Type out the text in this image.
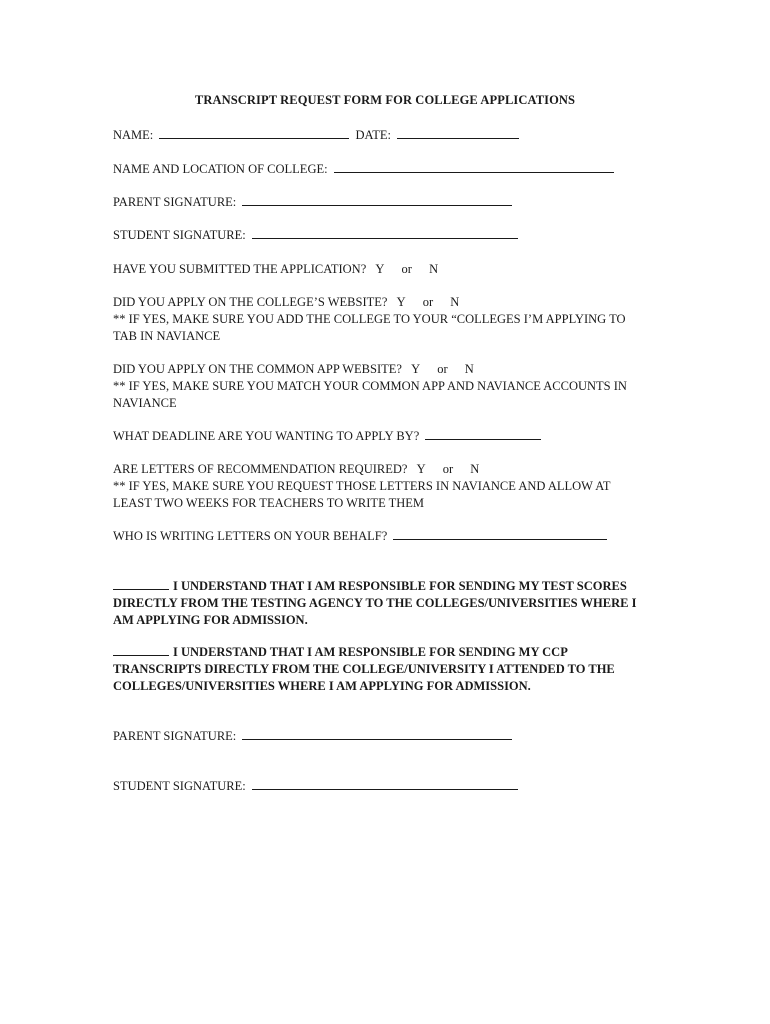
TRANSCRIPT REQUEST FORM FOR COLLEGE APPLICATIONS
NAME:	DATE:
NAME AND LOCATION OF COLLEGE:
PARENT SIGNATURE:
STUDENT SIGNATURE:
HAVE YOU SUBMITTED THE APPLICATION? Y or N
DID YOU APPLY ON THE COLLEGE’S WEBSITE? Y or N
** IF YES, MAKE SURE YOU ADD THE COLLEGE TO YOUR “COLLEGES I’M APPLYING TO TAB IN NAVIANCE
DID YOU APPLY ON THE COMMON APP WEBSITE? Y or N
** IF YES, MAKE SURE YOU MATCH YOUR COMMON APP AND NAVIANCE ACCOUNTS IN NAVIANCE
WHAT DEADLINE ARE YOU WANTING TO APPLY BY?
ARE LETTERS OF RECOMMENDATION REQUIRED? Y or N
** IF YES, MAKE SURE YOU REQUEST THOSE LETTERS IN NAVIANCE AND ALLOW AT LEAST TWO WEEKS FOR TEACHERS TO WRITE THEM
WHO IS WRITING LETTERS ON YOUR BEHALF?
I UNDERSTAND THAT I AM RESPONSIBLE FOR SENDING MY TEST SCORES DIRECTLY FROM THE TESTING AGENCY TO THE COLLEGES/UNIVERSITIES WHERE I AM APPLYING FOR ADMISSION.
I UNDERSTAND THAT I AM RESPONSIBLE FOR SENDING MY CCP TRANSCRIPTS DIRECTLY FROM THE COLLEGE/UNIVERSITY I ATTENDED TO THE COLLEGES/UNIVERSITIES WHERE I AM APPLYING FOR ADMISSION.
PARENT SIGNATURE:
STUDENT SIGNATURE:
